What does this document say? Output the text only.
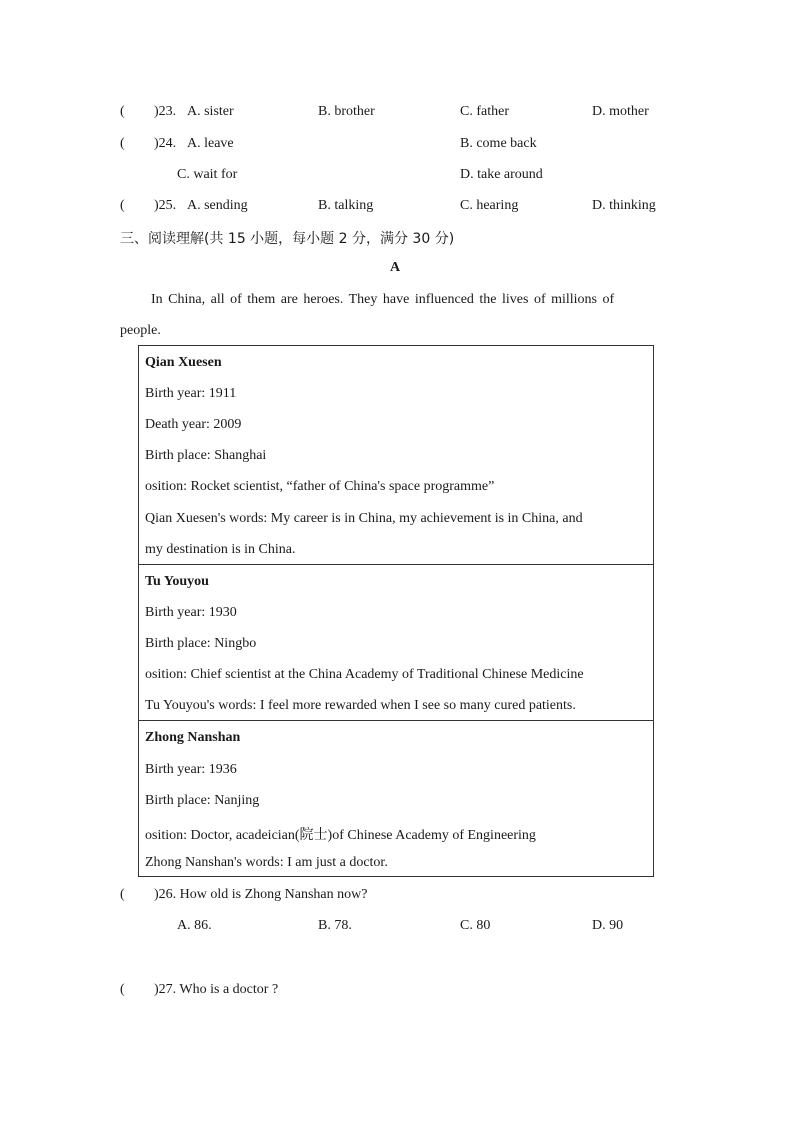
( )23. A. sister	B. brother	C. father	D. mother
( )24. A. leave	B. come back
C. wait for	D. take around
( )25. A. sending	B. talking	C. hearing	D. thinking
三、阅读理解(共 15 小题，每小题 2 分，满分 30 分)
A
In China, all of them are heroes. They have influenced the lives of millions of
people.
Qian Xuesen
Birth year: 1911
Death year: 2009
Birth place: Shanghai
osition: Rocket scientist, “father of China's space programme”
Qian Xuesen's words: My career is in China, my achievement is in China, and
my destination is in China.
Tu Youyou
Birth year: 1930
Birth place: Ningbo
osition: Chief scientist at the China Academy of Traditional Chinese Medicine
Tu Youyou's words: I feel more rewarded when I see so many cured patients.
Zhong Nanshan
Birth year: 1936
Birth place: Nanjing
osition: Doctor, acadeician(院士)of Chinese Academy of Engineering
Zhong Nanshan's words: I am just a doctor.
( )26. How old is Zhong Nanshan now?
A. 86.	B. 78.	C. 80	D. 90
( )27. Who is a doctor ?
